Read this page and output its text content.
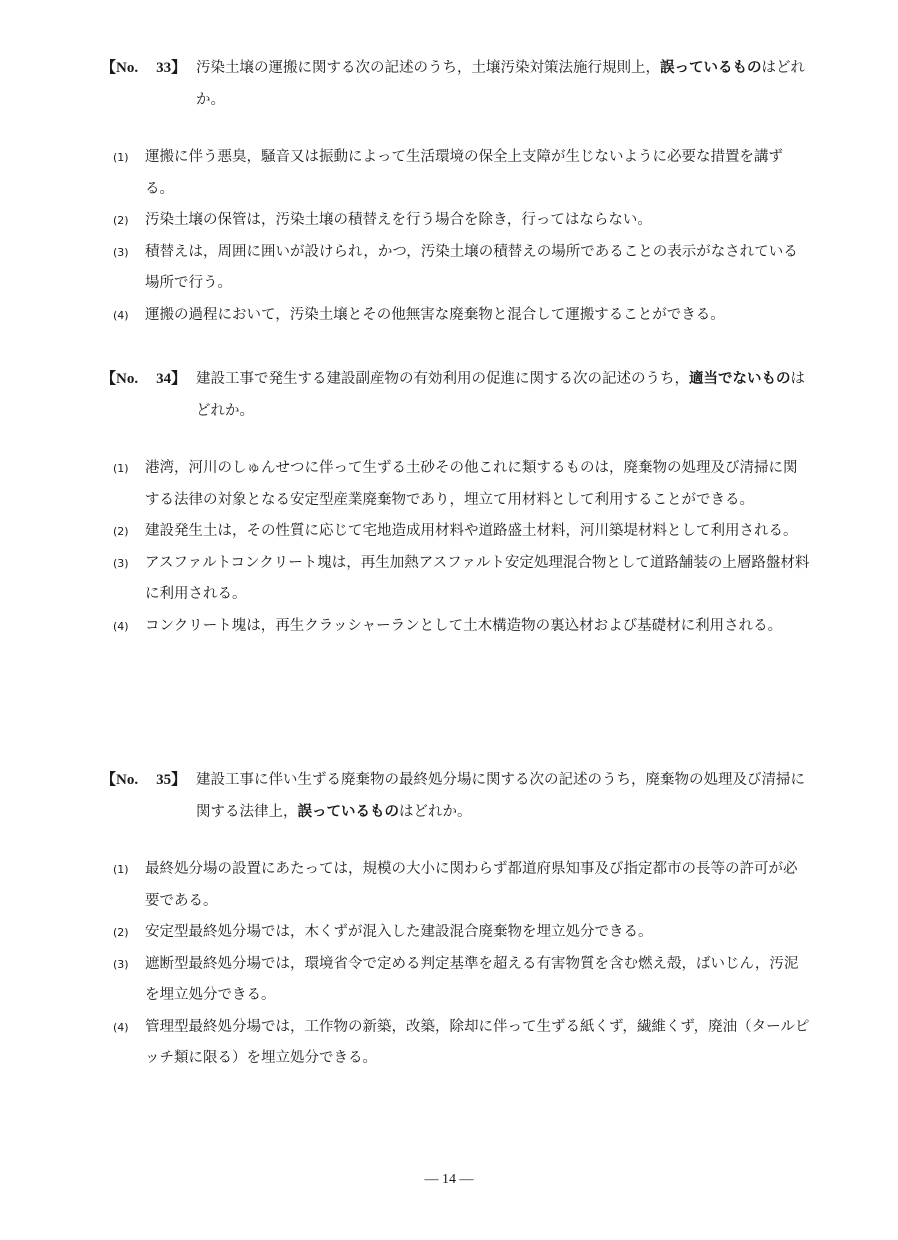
【No. 33】 汚染土壌の運搬に関する次の記述のうち，土壌汚染対策法施行規則上，誤っているものはどれか。
(1)	運搬に伴う悪臭，騒音又は振動によって生活環境の保全上支障が生じないように必要な措置を講ずる。
(2)	汚染土壌の保管は，汚染土壌の積替えを行う場合を除き，行ってはならない。
(3)	積替えは，周囲に囲いが設けられ，かつ，汚染土壌の積替えの場所であることの表示がなされている場所で行う。
(4)	運搬の過程において，汚染土壌とその他無害な廃棄物と混合して運搬することができる。
【No. 34】 建設工事で発生する建設副産物の有効利用の促進に関する次の記述のうち，適当でないものはどれか。
(1)	港湾，河川のしゅんせつに伴って生ずる土砂その他これに類するものは，廃棄物の処理及び清掃に関する法律の対象となる安定型産業廃棄物であり，埋立て用材料として利用することができる。
(2)	建設発生土は，その性質に応じて宅地造成用材料や道路盛土材料，河川築堤材料として利用される。
(3)	アスファルトコンクリート塊は，再生加熱アスファルト安定処理混合物として道路舗装の上層路盤材料に利用される。
(4)	コンクリート塊は，再生クラッシャーランとして土木構造物の裏込材および基礎材に利用される。
【No. 35】 建設工事に伴い生ずる廃棄物の最終処分場に関する次の記述のうち，廃棄物の処理及び清掃に関する法律上，誤っているものはどれか。
(1)	最終処分場の設置にあたっては，規模の大小に関わらず都道府県知事及び指定都市の長等の許可が必要である。
(2)	安定型最終処分場では，木くずが混入した建設混合廃棄物を埋立処分できる。
(3)	遮断型最終処分場では，環境省令で定める判定基準を超える有害物質を含む燃え殻，ばいじん，汚泥を埋立処分できる。
(4)	管理型最終処分場では，工作物の新築，改築，除却に伴って生ずる紙くず，繊維くず，廃油（タールピッチ類に限る）を埋立処分できる。
― 14 ―
